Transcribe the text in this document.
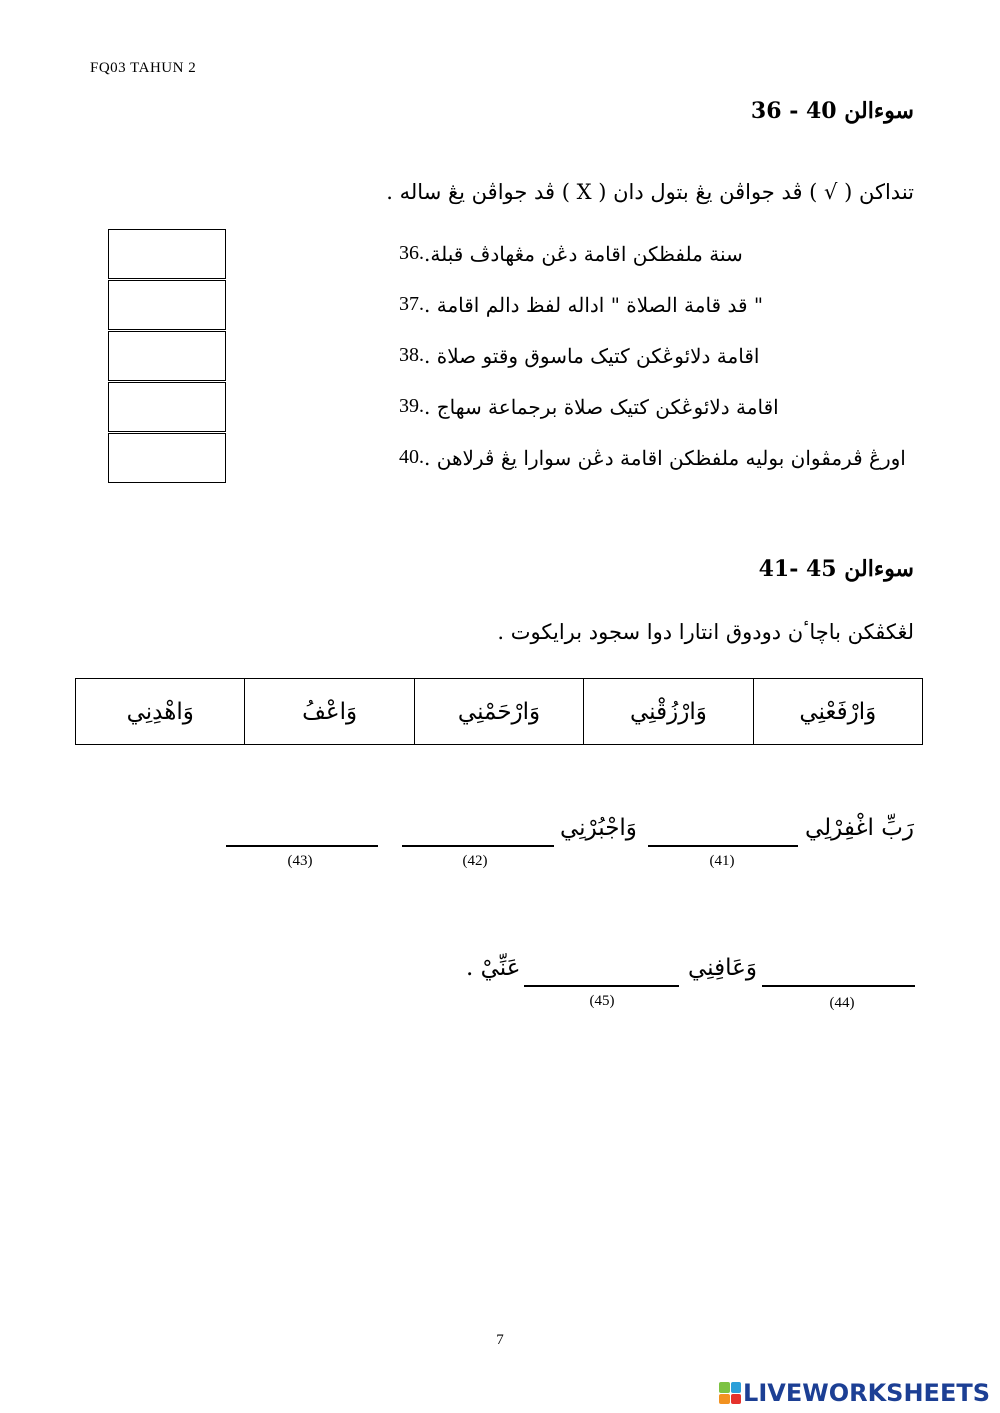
FQ03 TAHUN 2
سوءالن 40 - 36
تنداکن ( √ ) ڤد جواڤن يڠ بتول دان ( X ) ڤد جواڤن يڠ ساله .
36. سنة ملفظکن اقامة دڠن مڠهادڤ قبلة.
37. " قد قامة الصلاة " اداله لفظ دالم اقامة .
38. اقامة دلائوڠکن کتيک ماسوق وقتو صلاة .
39. اقامة دلائوڠکن کتيک صلاة برجماعة سهاج .
40. اورڠ ڤرمڤوان بوليه ملفظکن اقامة دڠن سوارا يڠ ڤرلاهن .
سوءالن 45 -41
لڠکڤکن باچاٴن دودوق انتارا دوا سجود برايکوت .
وَارْفَعْنِي	وَارْزُقْنِي	وَارْحَمْنِي	وَاعْفُ	وَاهْدِنِي
رَبِّ اغْفِرْلِي
(41)
وَاجْبُرْنِي
(42)
(43)
(44)
وَعَافِنِي
(45)
عَنِّيْ .
7
LIVEWORKSHEETS
